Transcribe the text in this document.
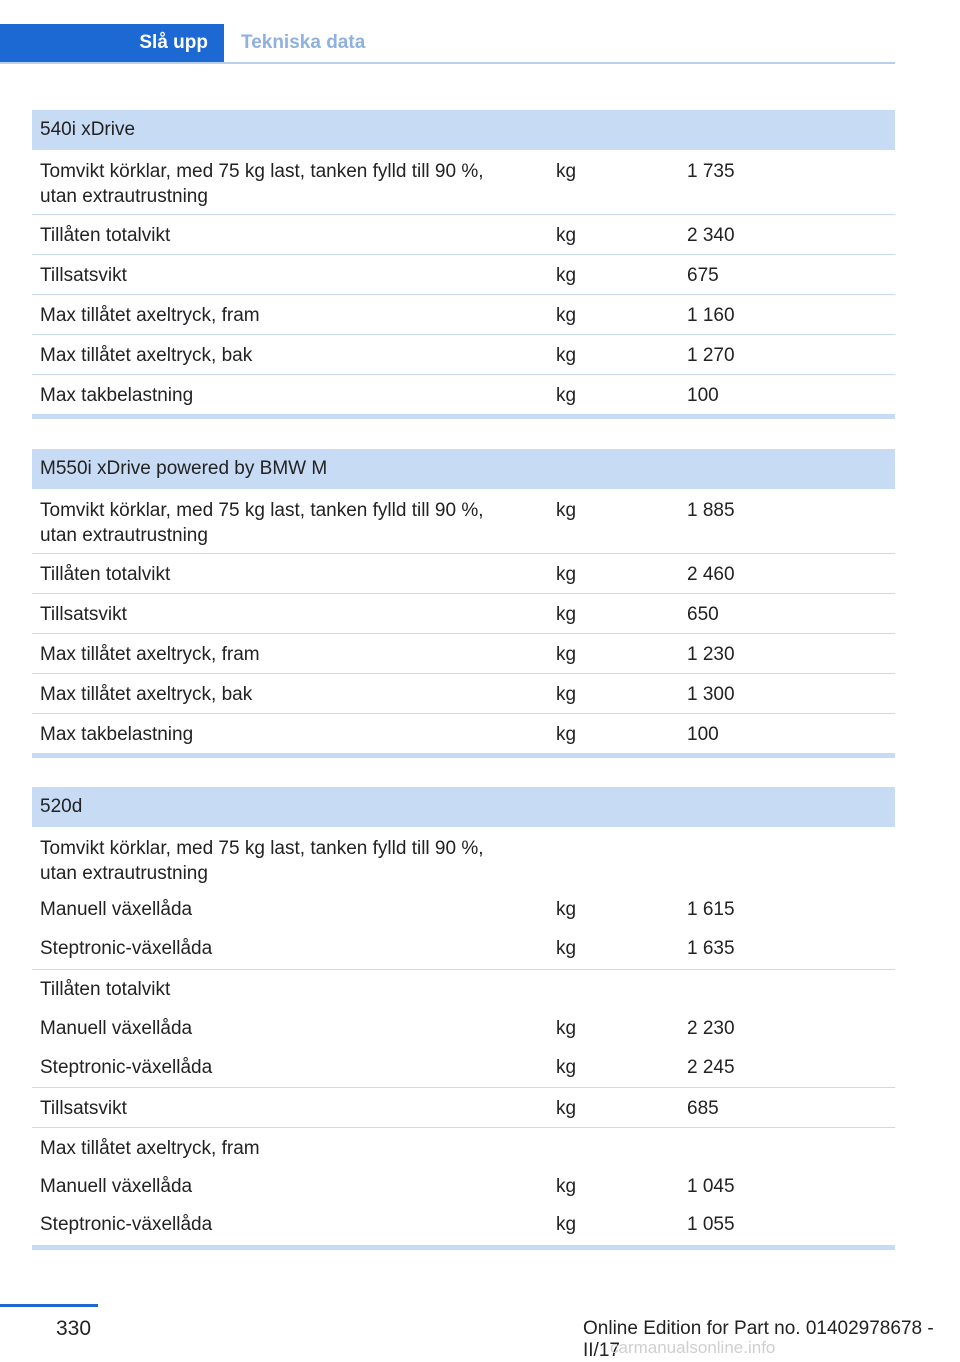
Slå upp	Tekniska data
540i xDrive
Tomvikt körklar, med 75 kg last, tanken fylld till 90 %,
utan extrautrustning
kg	1 735
Tillåten totalvikt	kg	2 340
Tillsatsvikt	kg	675
Max tillåtet axeltryck, fram	kg	1 160
Max tillåtet axeltryck, bak	kg	1 270
Max takbelastning	kg	100
M550i xDrive powered by BMW M
Tomvikt körklar, med 75 kg last, tanken fylld till 90 %,
utan extrautrustning
kg	1 885
Tillåten totalvikt	kg	2 460
Tillsatsvikt	kg	650
Max tillåtet axeltryck, fram	kg	1 230
Max tillåtet axeltryck, bak	kg	1 300
Max takbelastning	kg	100
520d
Tomvikt körklar, med 75 kg last, tanken fylld till 90 %,
utan extrautrustning
Manuell växellåda	kg	1 615
Steptronic-växellåda	kg	1 635
Tillåten totalvikt
Manuell växellåda	kg	2 230
Steptronic-växellåda	kg	2 245
Tillsatsvikt	kg	685
Max tillåtet axeltryck, fram
Manuell växellåda	kg	1 045
Steptronic-växellåda	kg	1 055
330	Online Edition for Part no. 01402978678 - II/17
carmanualsonline.info
